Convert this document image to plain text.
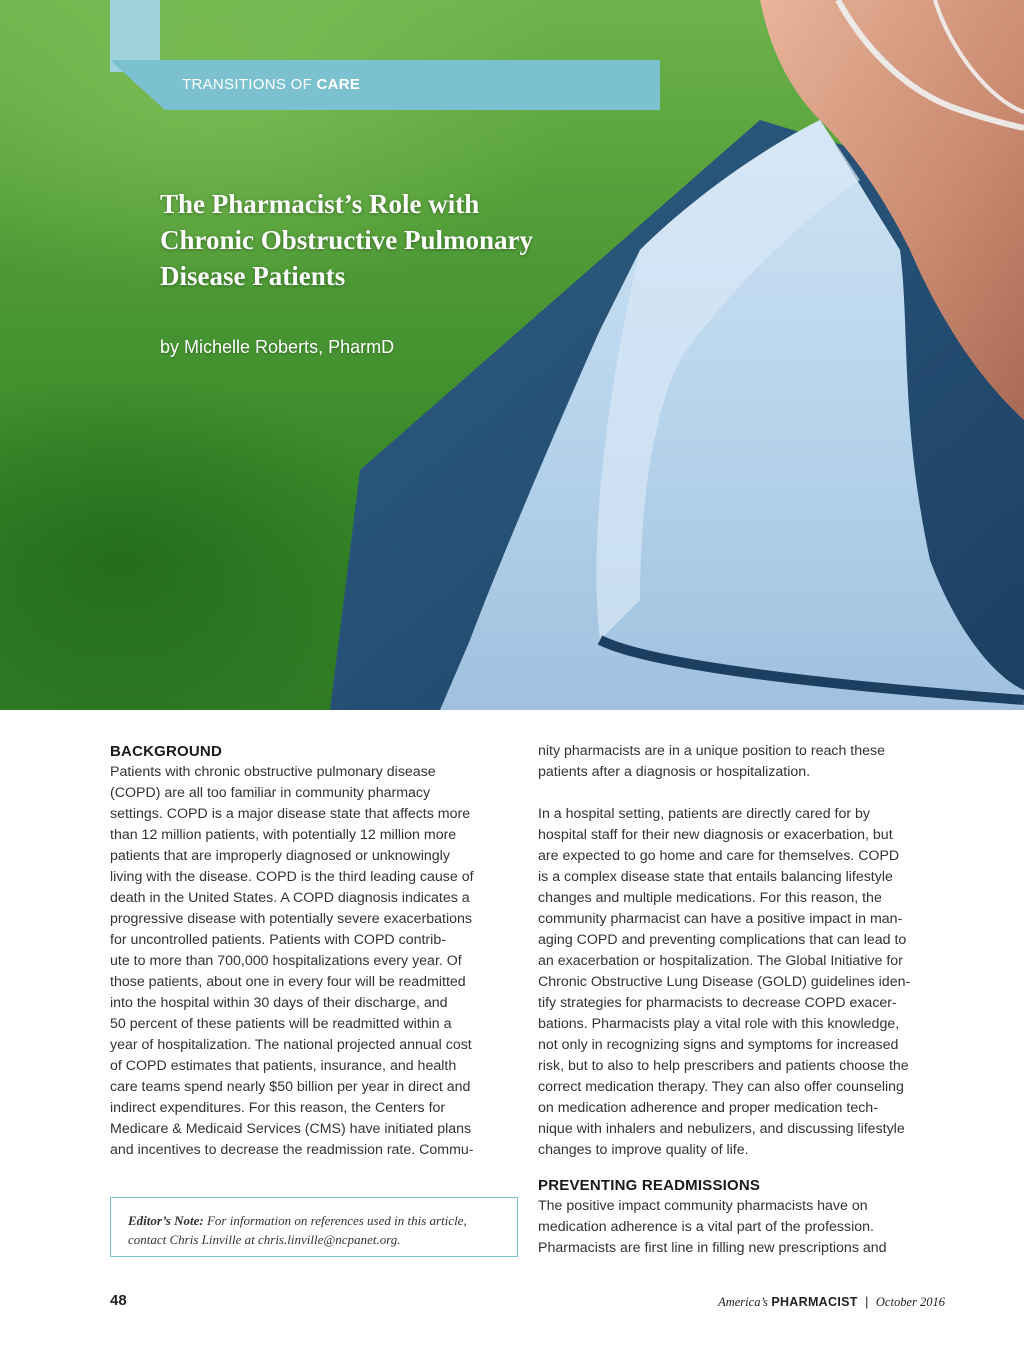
TRANSITIONS OF CARE
The Pharmacist’s Role with
Chronic Obstructive Pulmonary
Disease Patients
by Michelle Roberts, PharmD

BACKGROUND

Patients with chronic obstructive pulmonary disease
(COPD) are all too familiar in community pharmacy
settings. COPD is a major disease state that affects more
than 12 million patients, with potentially 12 million more
patients that are improperly diagnosed or unknowingly
living with the disease. COPD is the third leading cause of
death in the United States. A COPD diagnosis indicates a
progressive disease with potentially severe exacerbations
for uncontrolled patients. Patients with COPD contrib-
ute to more than 700,000 hospitalizations every year. Of
those patients, about one in every four will be readmitted
into the hospital within 30 days of their discharge, and
50 percent of these patients will be readmitted within a
year of hospitalization. The national projected annual cost
of COPD estimates that patients, insurance, and health
care teams spend nearly $50 billion per year in direct and
indirect expenditures. For this reason, the Centers for
Medicare & Medicaid Services (CMS) have initiated plans
and incentives to decrease the readmission rate. Commu-

nity pharmacists are in a unique position to reach these
patients after a diagnosis or hospitalization.

In a hospital setting, patients are directly cared for by
hospital staff for their new diagnosis or exacerbation, but
are expected to go home and care for themselves. COPD
is a complex disease state that entails balancing lifestyle
changes and multiple medications. For this reason, the
community pharmacist can have a positive impact in man-
aging COPD and preventing complications that can lead to
an exacerbation or hospitalization. The Global Initiative for
Chronic Obstructive Lung Disease (GOLD) guidelines iden-
tify strategies for pharmacists to decrease COPD exacer-
bations. Pharmacists play a vital role with this knowledge,
not only in recognizing signs and symptoms for increased
risk, but to also to help prescribers and patients choose the
correct medication therapy. They can also offer counseling
on medication adherence and proper medication tech-
nique with inhalers and nebulizers, and discussing lifestyle
changes to improve quality of life.

PREVENTING READMISSIONS

The positive impact community pharmacists have on
medication adherence is a vital part of the profession.
Pharmacists are first line in filling new prescriptions and

Editor’s Note: For information on references used in this article, contact Chris Linville at chris.linville@ncpanet.org.
48	America’s PHARMACIST | October 2016
